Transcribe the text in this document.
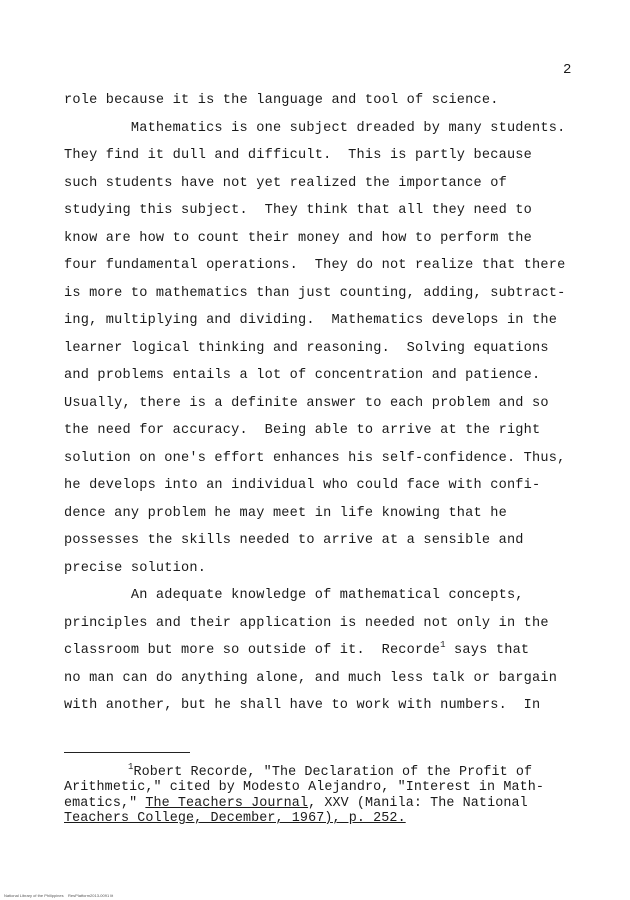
2
role because it is the language and tool of science.
Mathematics is one subject dreaded by many students.
They find it dull and difficult.  This is partly because
such students have not yet realized the importance of
studying this subject.  They think that all they need to
know are how to count their money and how to perform the
four fundamental operations.  They do not realize that there
is more to mathematics than just counting, adding, subtract-
ing, multiplying and dividing.  Mathematics develops in the
learner logical thinking and reasoning.  Solving equations
and problems entails a lot of concentration and patience.
Usually, there is a definite answer to each problem and so
the need for accuracy.  Being able to arrive at the right
solution on one's effort enhances his self-confidence. Thus,
he develops into an individual who could face with confi-
dence any problem he may meet in life knowing that he
possesses the skills needed to arrive at a sensible and
precise solution.
An adequate knowledge of mathematical concepts,
principles and their application is needed not only in the
classroom but more so outside of it.  Recorde$^1$ says that
no man can do anything alone, and much less talk or bargain
with another, but he shall have to work with numbers.  In
$^1$Robert Recorde, "The Declaration of the Profit of
Arithmetic," cited by Modesto Alejandro, "Interest in Math-
ematics," The Teachers Journal, XXV (Manila: The National
Teachers College, December, 1967), p. 252.
National Library of the Philippines    ResPlatform2013-0091 lit
